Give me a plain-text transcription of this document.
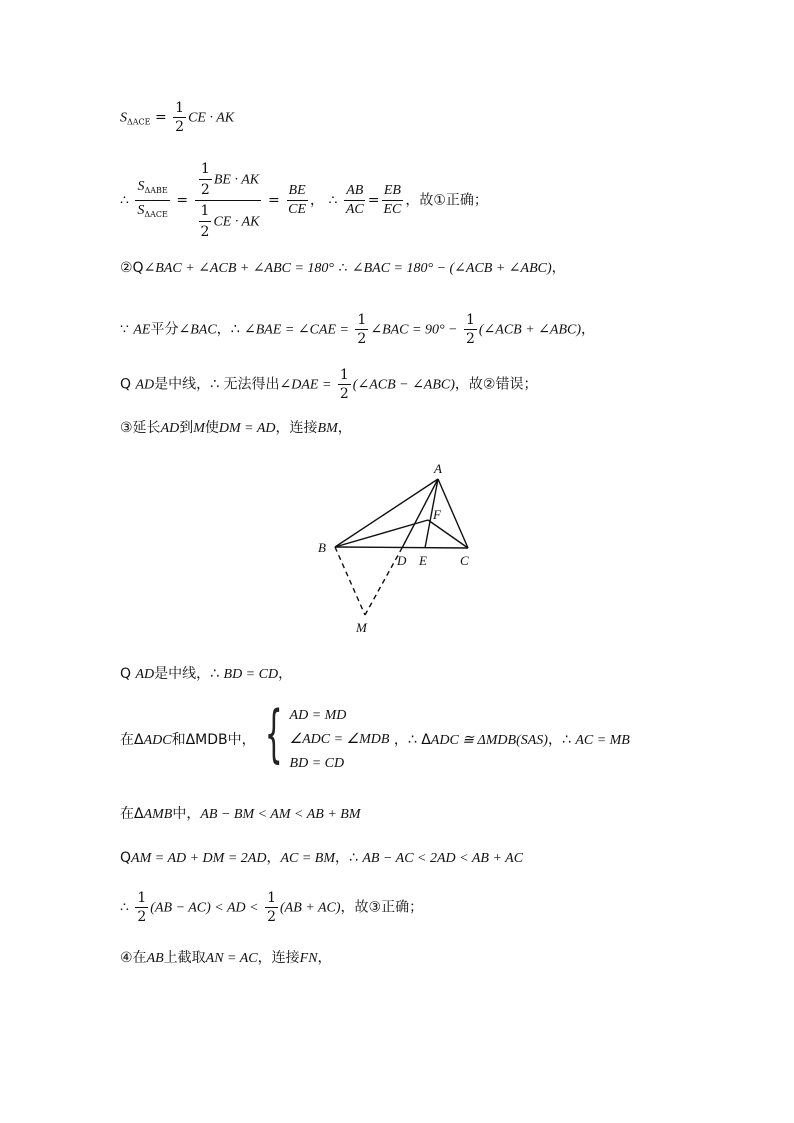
$S_{\Delta ACE} = \frac{1}{2}$ CE · AK
∴ $\frac{S_{\Delta ABE}}{S_{\Delta ACE}} = \frac{\frac{1}{2} BE \cdot AK}{\frac{1}{2} CE \cdot AK} = \frac{BE}{CE}$ ， ∴ $\frac{AB}{AC} = \frac{EB}{EC}$ ，故①正确；
②Q∠BAC + ∠ACB + ∠ABC = 180° ∴ ∠BAC = 180° − (∠ACB + ∠ABC)，
∵ AE平分∠BAC，∴ ∠BAE = ∠CAE = $\frac{1}{2}$ ∠BAC = $90^\circ - \frac{1}{2}$ (∠ACB + ∠ABC)，
Q AD是中线，∴ 无法得出∠DAE = $\frac{1}{2}$ (∠ACB − ∠ABC)，故②错误；
③延长AD到M使DM = AD，连接BM，
A
B
C
D E
F
M
Q AD是中线，∴ BD = CD，
在ΔADC和ΔMDB中， { AD = MD
∠ADC = ∠MDB
BD = CD
，∴ ΔADC ≅ ΔMDB(SAS)，∴ AC = MB
在ΔAMB中，AB − BM < AM < AB + BM
QAM = AD + DM = 2AD，AC = BM，∴ AB − AC < 2AD < AB + AC
∴ $\frac{1}{2} (AB - AC)$ < AD < $\frac{1}{2} (AB + AC)$，故③正确；
④在AB上截取AN = AC，连接FN，
